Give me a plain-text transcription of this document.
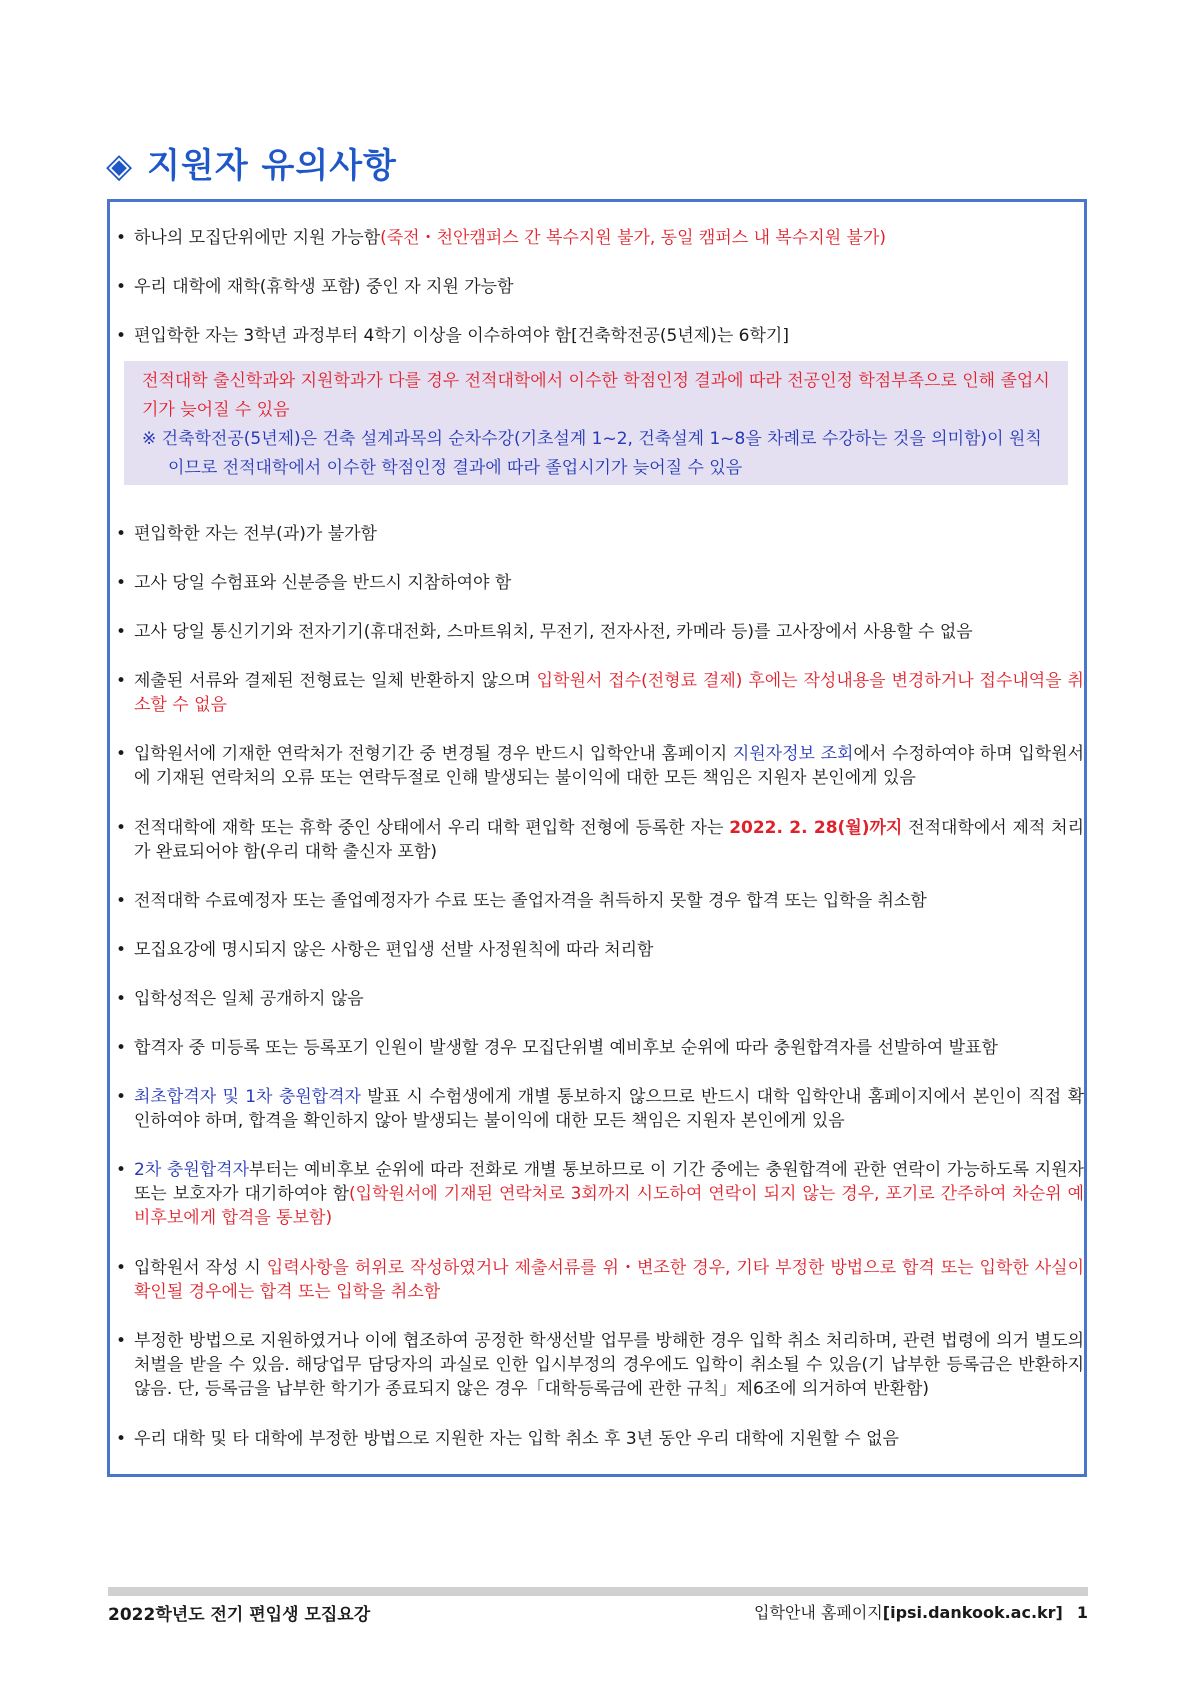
◈ 지원자 유의사항
• 하나의 모집단위에만 지원 가능함(죽전・천안캠퍼스 간 복수지원 불가, 동일 캠퍼스 내 복수지원 불가)
• 우리 대학에 재학(휴학생 포함) 중인 자 지원 가능함
• 편입학한 자는 3학년 과정부터 4학기 이상을 이수하여야 함[건축학전공(5년제)는 6학기]
전적대학 출신학과와 지원학과가 다를 경우 전적대학에서 이수한 학점인정 결과에 따라 전공인정 학점부족으로 인해 졸업시기가 늦어질 수 있음
※ 건축학전공(5년제)은 건축 설계과목의 순차수강(기초설계 1~2, 건축설계 1~8을 차례로 수강하는 것을 의미함)이 원칙이므로 전적대학에서 이수한 학점인정 결과에 따라 졸업시기가 늦어질 수 있음
• 편입학한 자는 전부(과)가 불가함
• 고사 당일 수험표와 신분증을 반드시 지참하여야 함
• 고사 당일 통신기기와 전자기기(휴대전화, 스마트워치, 무전기, 전자사전, 카메라 등)를 고사장에서 사용할 수 없음
• 제출된 서류와 결제된 전형료는 일체 반환하지 않으며 입학원서 접수(전형료 결제) 후에는 작성내용을 변경하거나 접수내역을 취소할 수 없음
• 입학원서에 기재한 연락처가 전형기간 중 변경될 경우 반드시 입학안내 홈페이지 지원자정보 조회에서 수정하여야 하며 입학원서에 기재된 연락처의 오류 또는 연락두절로 인해 발생되는 불이익에 대한 모든 책임은 지원자 본인에게 있음
• 전적대학에 재학 또는 휴학 중인 상태에서 우리 대학 편입학 전형에 등록한 자는 2022. 2. 28(월)까지 전적대학에서 제적 처리가 완료되어야 함(우리 대학 출신자 포함)
• 전적대학 수료예정자 또는 졸업예정자가 수료 또는 졸업자격을 취득하지 못할 경우 합격 또는 입학을 취소함
• 모집요강에 명시되지 않은 사항은 편입생 선발 사정원칙에 따라 처리함
• 입학성적은 일체 공개하지 않음
• 합격자 중 미등록 또는 등록포기 인원이 발생할 경우 모집단위별 예비후보 순위에 따라 충원합격자를 선발하여 발표함
• 최초합격자 및 1차 충원합격자 발표 시 수험생에게 개별 통보하지 않으므로 반드시 대학 입학안내 홈페이지에서 본인이 직접 확인하여야 하며, 합격을 확인하지 않아 발생되는 불이익에 대한 모든 책임은 지원자 본인에게 있음
• 2차 충원합격자부터는 예비후보 순위에 따라 전화로 개별 통보하므로 이 기간 중에는 충원합격에 관한 연락이 가능하도록 지원자 또는 보호자가 대기하여야 함(입학원서에 기재된 연락처로 3회까지 시도하여 연락이 되지 않는 경우, 포기로 간주하여 차순위 예비후보에게 합격을 통보함)
• 입학원서 작성 시 입력사항을 허위로 작성하였거나 제출서류를 위・변조한 경우, 기타 부정한 방법으로 합격 또는 입학한 사실이 확인될 경우에는 합격 또는 입학을 취소함
• 부정한 방법으로 지원하였거나 이에 협조하여 공정한 학생선발 업무를 방해한 경우 입학 취소 처리하며, 관련 법령에 의거 별도의 처벌을 받을 수 있음. 해당업무 담당자의 과실로 인한 입시부정의 경우에도 입학이 취소될 수 있음(기 납부한 등록금은 반환하지 않음. 단, 등록금을 납부한 학기가 종료되지 않은 경우「대학등록금에 관한 규칙」제6조에 의거하여 반환함)
• 우리 대학 및 타 대학에 부정한 방법으로 지원한 자는 입학 취소 후 3년 동안 우리 대학에 지원할 수 없음
2022학년도 전기 편입생 모집요강	입학안내 홈페이지[ipsi.dankook.ac.kr] 1
